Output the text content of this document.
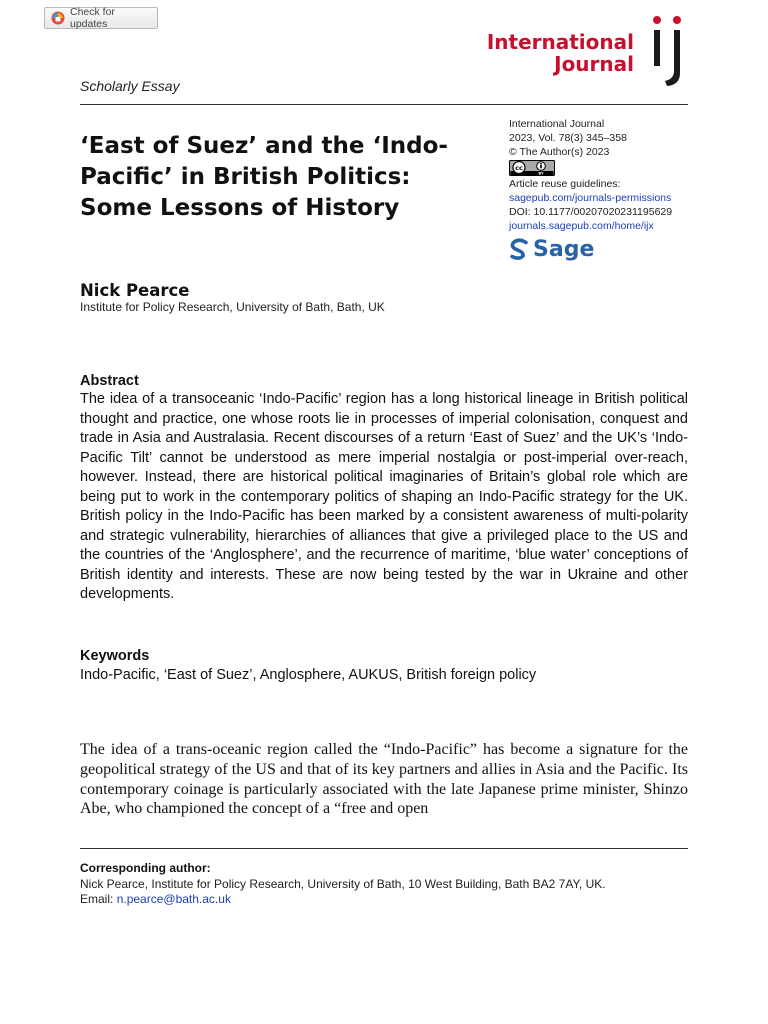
Check for updates
International
Journal
Scholarly Essay
‘East of Suez’ and the ‘Indo-Pacific’ in British Politics: Some Lessons of History
International Journal
2023, Vol. 78(3) 345–358
© The Author(s) 2023
cc
BY
Article reuse guidelines:
sagepub.com/journals-permissions
DOI: 10.1177/00207020231195629
journals.sagepub.com/home/ijx
Sage
Nick Pearce
Institute for Policy Research, University of Bath, Bath, UK
Abstract

The idea of a transoceanic ‘Indo-Pacific’ region has a long historical lineage in British political thought and practice, one whose roots lie in processes of imperial colonisation, conquest and trade in Asia and Australasia. Recent discourses of a return ‘East of Suez’ and the UK’s ‘Indo-Pacific Tilt’ cannot be understood as mere imperial nostalgia or post-imperial over-reach, however. Instead, there are historical political imaginaries of Britain’s global role which are being put to work in the contemporary politics of shaping an Indo-Pacific strategy for the UK. British policy in the Indo-Pacific has been marked by a consistent awareness of multi-polarity and strategic vulnerability, hierarchies of alliances that give a privileged place to the US and the countries of the ‘Anglosphere’, and the recurrence of maritime, ‘blue water’ conceptions of British identity and interests. These are now being tested by the war in Ukraine and other developments.

Keywords
Indo-Pacific, ‘East of Suez’, Anglosphere, AUKUS, British foreign policy

The idea of a trans-oceanic region called the “Indo-Pacific” has become a signature for the geopolitical strategy of the US and that of its key partners and allies in Asia and the Pacific. Its contemporary coinage is particularly associated with the late Japanese prime minister, Shinzo Abe, who championed the concept of a “free and open

Corresponding author:
Nick Pearce, Institute for Policy Research, University of Bath, 10 West Building, Bath BA2 7AY, UK.
Email: n.pearce@bath.ac.uk
